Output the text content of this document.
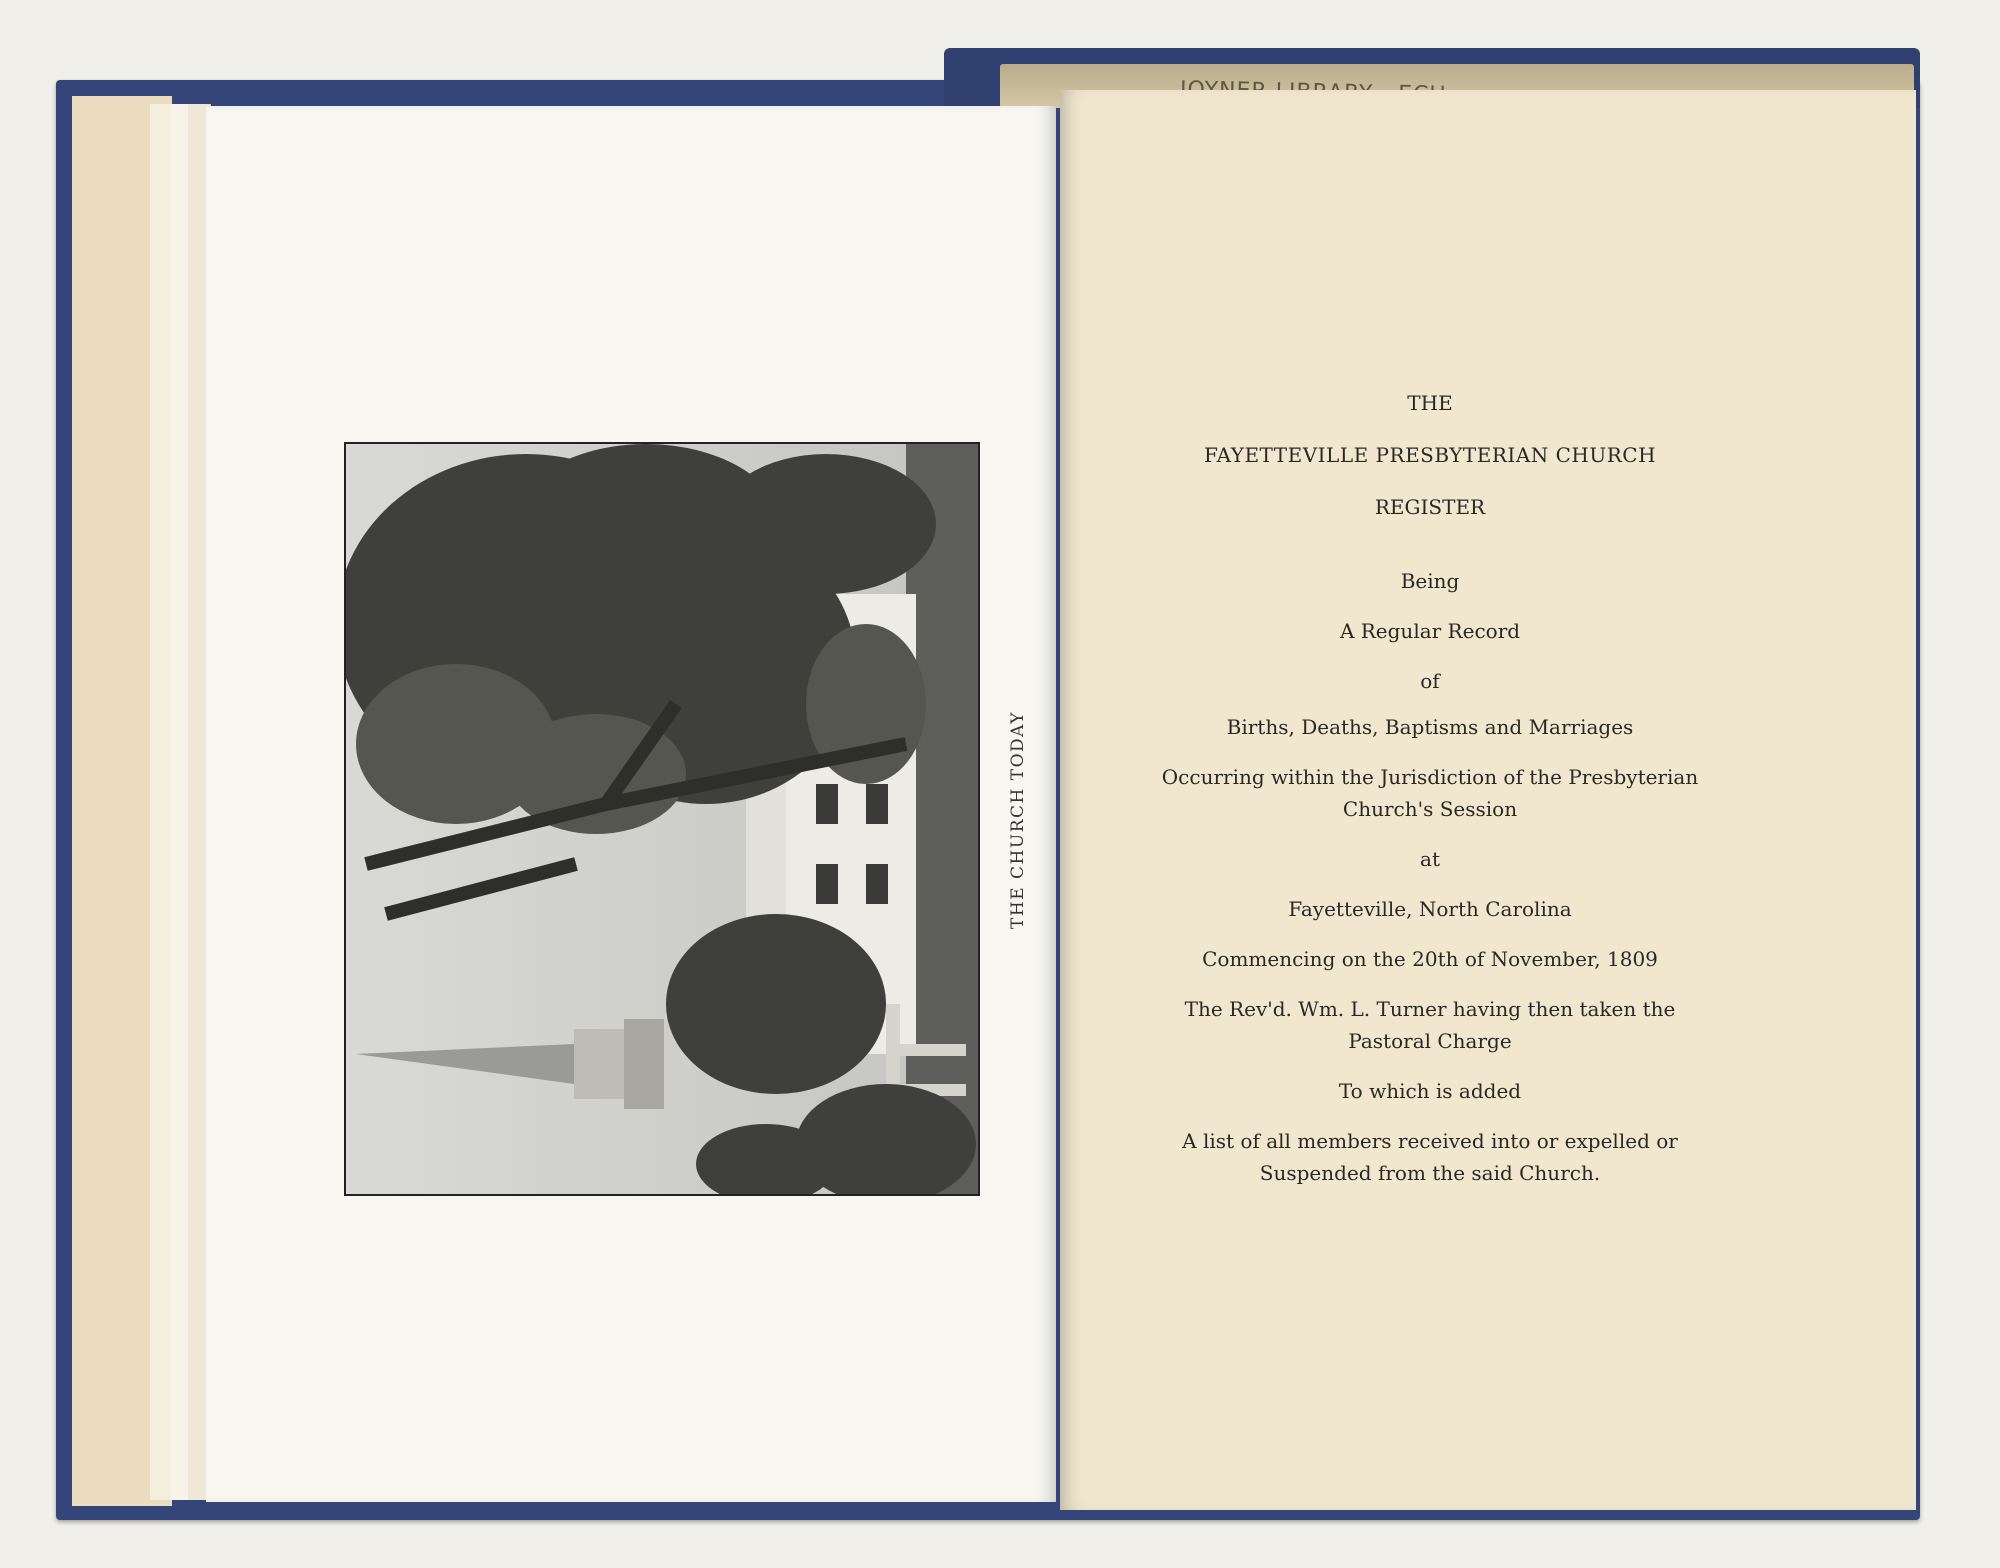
THE CHURCH TODAY
THE
FAYETTEVILLE PRESBYTERIAN CHURCH
REGISTER
Being
A Regular Record
of
Births, Deaths, Baptisms and Marriages
Occurring within the Jurisdiction of the Presbyterian
Church's Session
at
Fayetteville, North Carolina
Commencing on the 20th of November, 1809
The Rev'd. Wm. L. Turner having then taken the
Pastoral Charge
To which is added
A list of all members received into or expelled or
Suspended from the said Church.
